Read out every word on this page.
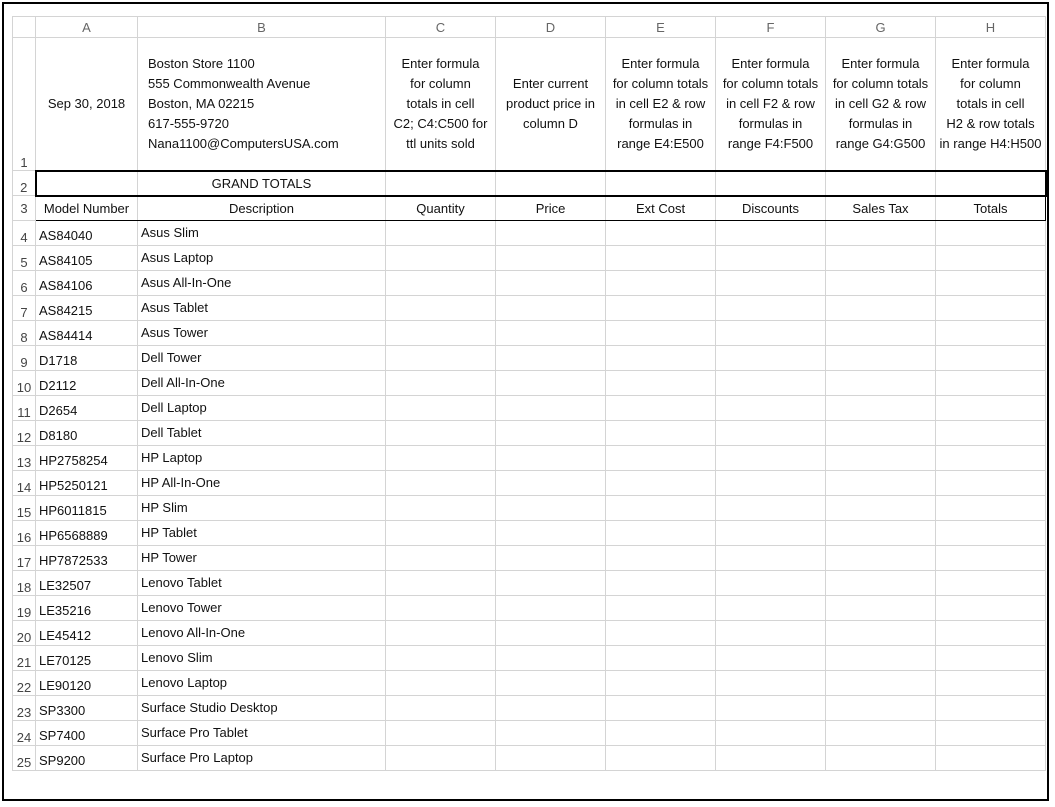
	A	B	C	D	E	F	G	H
1	Sep 30, 2018	Boston Store 1100
555 Commonwealth Avenue
Boston, MA 02215
617-555-9720
Nana1100@ComputersUSA.com	Enter formula
for column
totals in cell
C2; C4:C500 for
ttl units sold	Enter current
product price in
column D	Enter formula
for column totals
in cell E2 & row
formulas in
range E4:E500	Enter formula
for column totals
in cell F2 & row
formulas in
range F4:F500	Enter formula
for column totals
in cell G2 & row
formulas in
range G4:G500	Enter formula
for column
totals in cell
H2 & row totals
in range H4:H500
2		GRAND TOTALS						
3	Model Number	Description	Quantity	Price	Ext Cost	Discounts	Sales Tax	Totals
4	AS84040	Asus Slim						
5	AS84105	Asus Laptop						
6	AS84106	Asus All-In-One						
7	AS84215	Asus Tablet						
8	AS84414	Asus Tower						
9	D1718	Dell Tower						
10	D2112	Dell All-In-One						
11	D2654	Dell Laptop						
12	D8180	Dell Tablet						
13	HP2758254	HP Laptop						
14	HP5250121	HP All-In-One						
15	HP6011815	HP Slim						
16	HP6568889	HP Tablet						
17	HP7872533	HP Tower						
18	LE32507	Lenovo Tablet						
19	LE35216	Lenovo Tower						
20	LE45412	Lenovo All-In-One						
21	LE70125	Lenovo Slim						
22	LE90120	Lenovo Laptop						
23	SP3300	Surface Studio Desktop						
24	SP7400	Surface Pro Tablet						
25	SP9200	Surface Pro Laptop						
